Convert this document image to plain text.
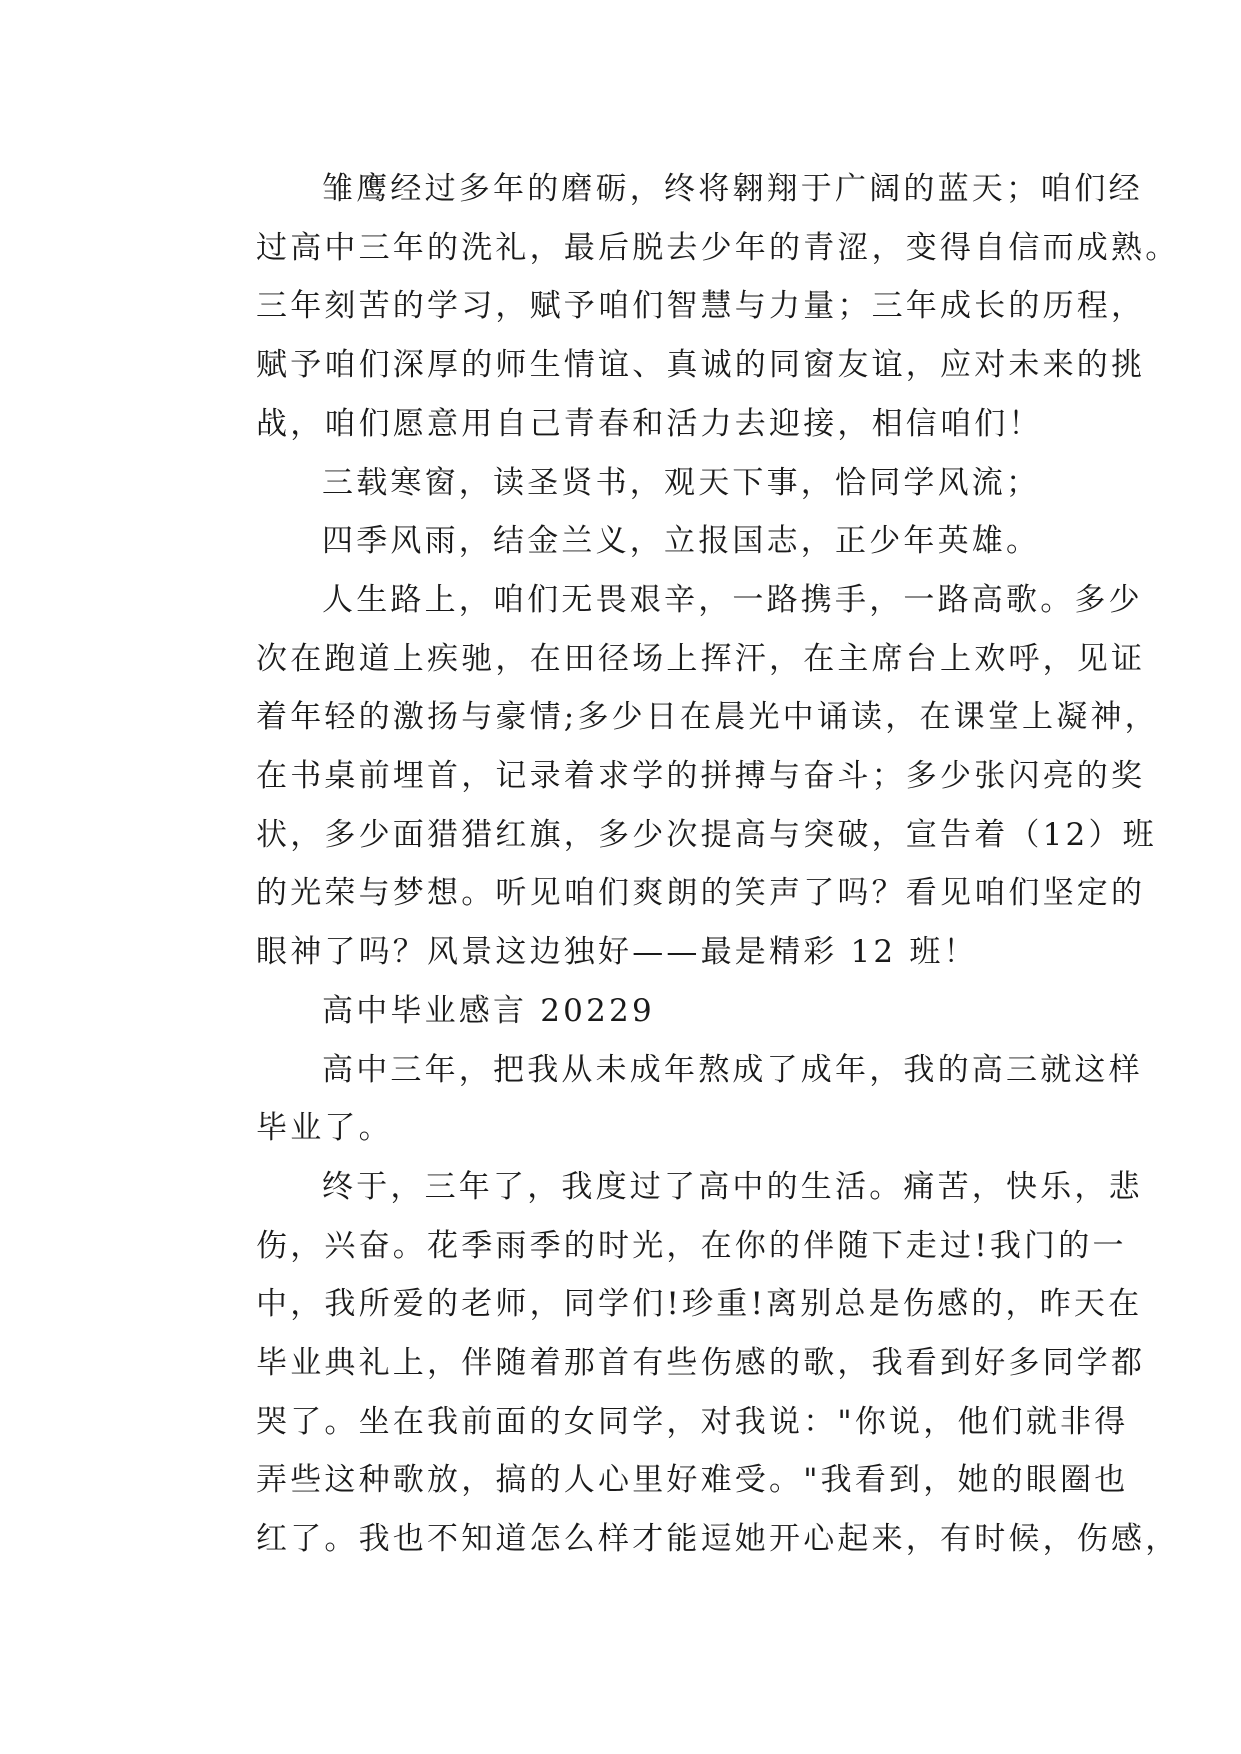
雏鹰经过多年的磨砺，终将翱翔于广阔的蓝天；咱们经
过高中三年的洗礼，最后脱去少年的青涩，变得自信而成熟。
三年刻苦的学习，赋予咱们智慧与力量；三年成长的历程，
赋予咱们深厚的师生情谊、真诚的同窗友谊，应对未来的挑
战，咱们愿意用自己青春和活力去迎接，相信咱们！
三载寒窗，读圣贤书，观天下事，恰同学风流；
四季风雨，结金兰义，立报国志，正少年英雄。
人生路上，咱们无畏艰辛，一路携手，一路高歌。多少
次在跑道上疾驰，在田径场上挥汗，在主席台上欢呼，见证
着年轻的激扬与豪情;多少日在晨光中诵读，在课堂上凝神，
在书桌前埋首，记录着求学的拼搏与奋斗；多少张闪亮的奖
状，多少面猎猎红旗，多少次提高与突破，宣告着（12）班
的光荣与梦想。听见咱们爽朗的笑声了吗？看见咱们坚定的
眼神了吗？风景这边独好——最是精彩 12 班！
高中毕业感言 20229
高中三年，把我从未成年熬成了成年，我的高三就这样
毕业了。
终于，三年了，我度过了高中的生活。痛苦，快乐，悲
伤，兴奋。花季雨季的时光，在你的伴随下走过!我门的一
中，我所爱的老师，同学们!珍重!离别总是伤感的，昨天在
毕业典礼上，伴随着那首有些伤感的歌，我看到好多同学都
哭了。坐在我前面的女同学，对我说："你说，他们就非得
弄些这种歌放，搞的人心里好难受。"我看到，她的眼圈也
红了。我也不知道怎么样才能逗她开心起来，有时候，伤感，
